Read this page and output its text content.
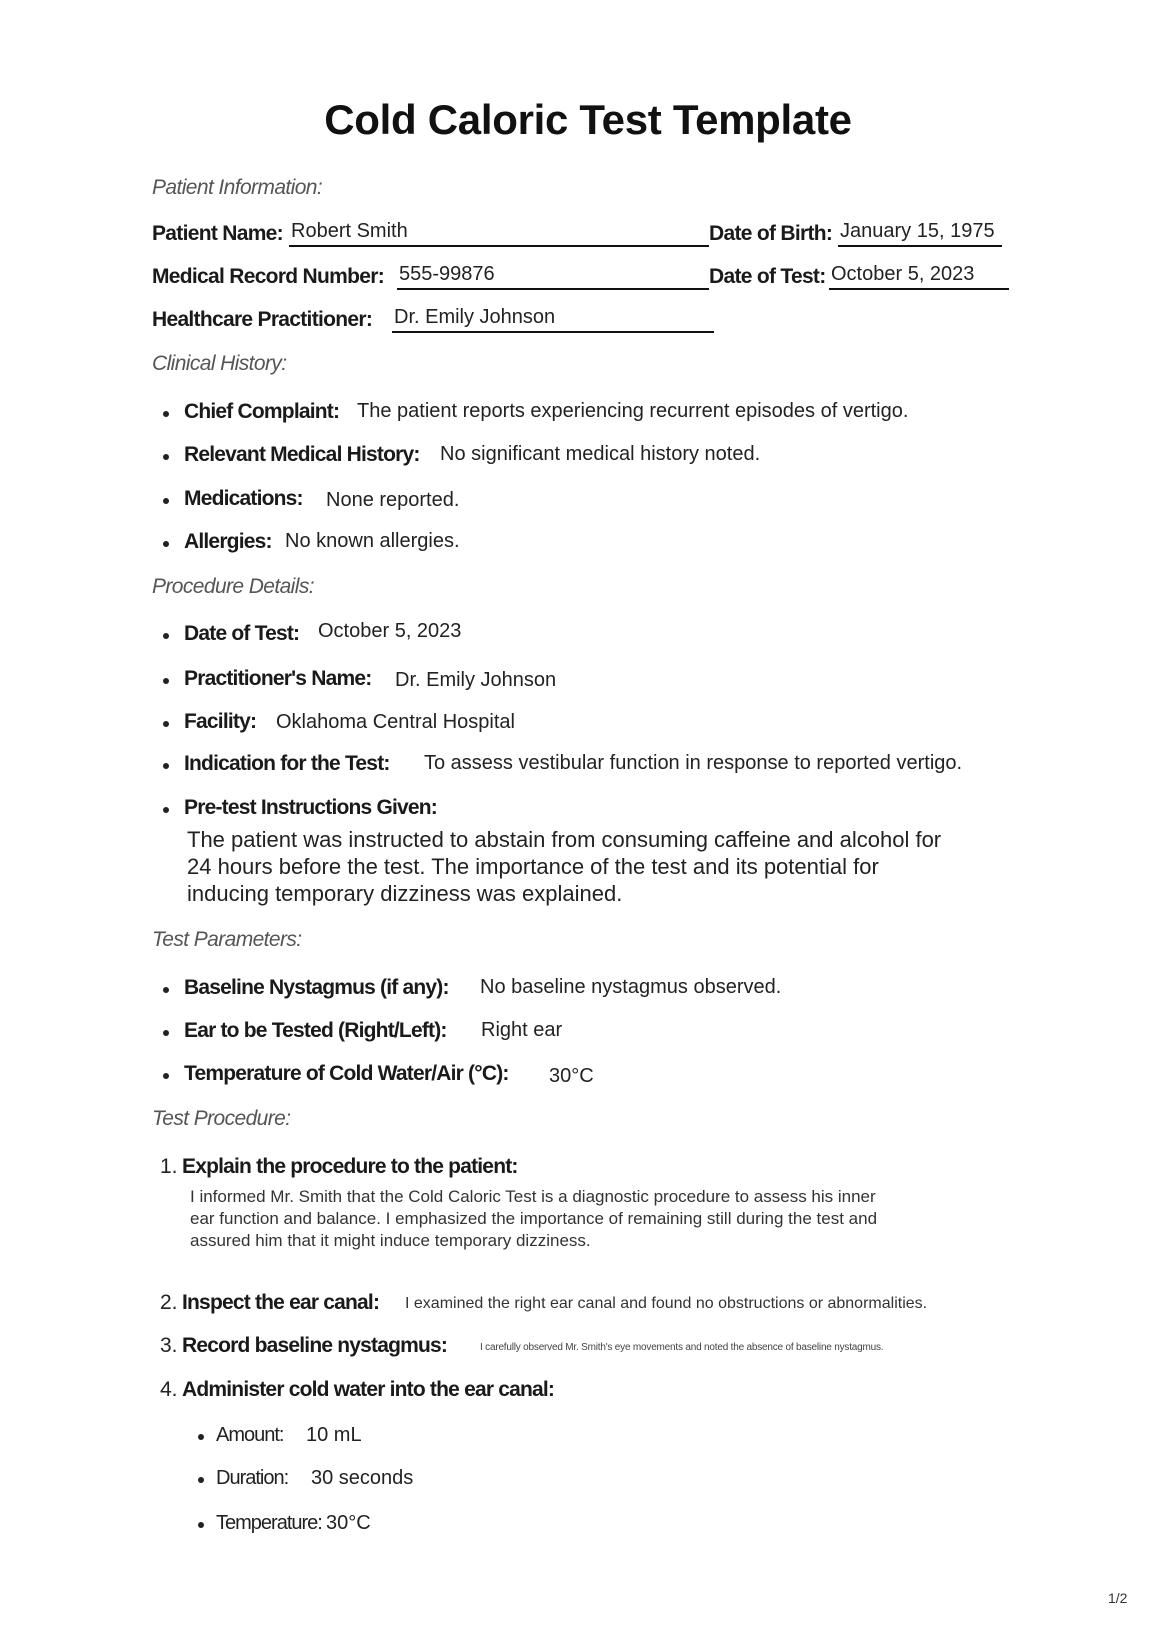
Cold Caloric Test Template
Patient Information:
Patient Name: Robert Smith	Date of Birth: January 15, 1975
Medical Record Number: 555-99876	Date of Test: October 5, 2023
Healthcare Practitioner: Dr. Emily Johnson
Clinical History:
Chief Complaint: The patient reports experiencing recurrent episodes of vertigo.
Relevant Medical History: No significant medical history noted.
Medications: None reported.
Allergies: No known allergies.
Procedure Details:
Date of Test: October 5, 2023
Practitioner's Name: Dr. Emily Johnson
Facility: Oklahoma Central Hospital
Indication for the Test: To assess vestibular function in response to reported vertigo.
Pre-test Instructions Given:
The patient was instructed to abstain from consuming caffeine and alcohol for
24 hours before the test. The importance of the test and its potential for
inducing temporary dizziness was explained.
Test Parameters:
Baseline Nystagmus (if any): No baseline nystagmus observed.
Ear to be Tested (Right/Left): Right ear
Temperature of Cold Water/Air (°C): 30°C
Test Procedure:
1. Explain the procedure to the patient:
I informed Mr. Smith that the Cold Caloric Test is a diagnostic procedure to assess his inner
ear function and balance. I emphasized the importance of remaining still during the test and
assured him that it might induce temporary dizziness.
2. Inspect the ear canal: I examined the right ear canal and found no obstructions or abnormalities.
3. Record baseline nystagmus:	I carefully observed Mr. Smith's eye movements and noted the absence of baseline nystagmus.
4. Administer cold water into the ear canal:
Amount: 10 mL
Duration: 30 seconds
Temperature: 30°C
1/2
